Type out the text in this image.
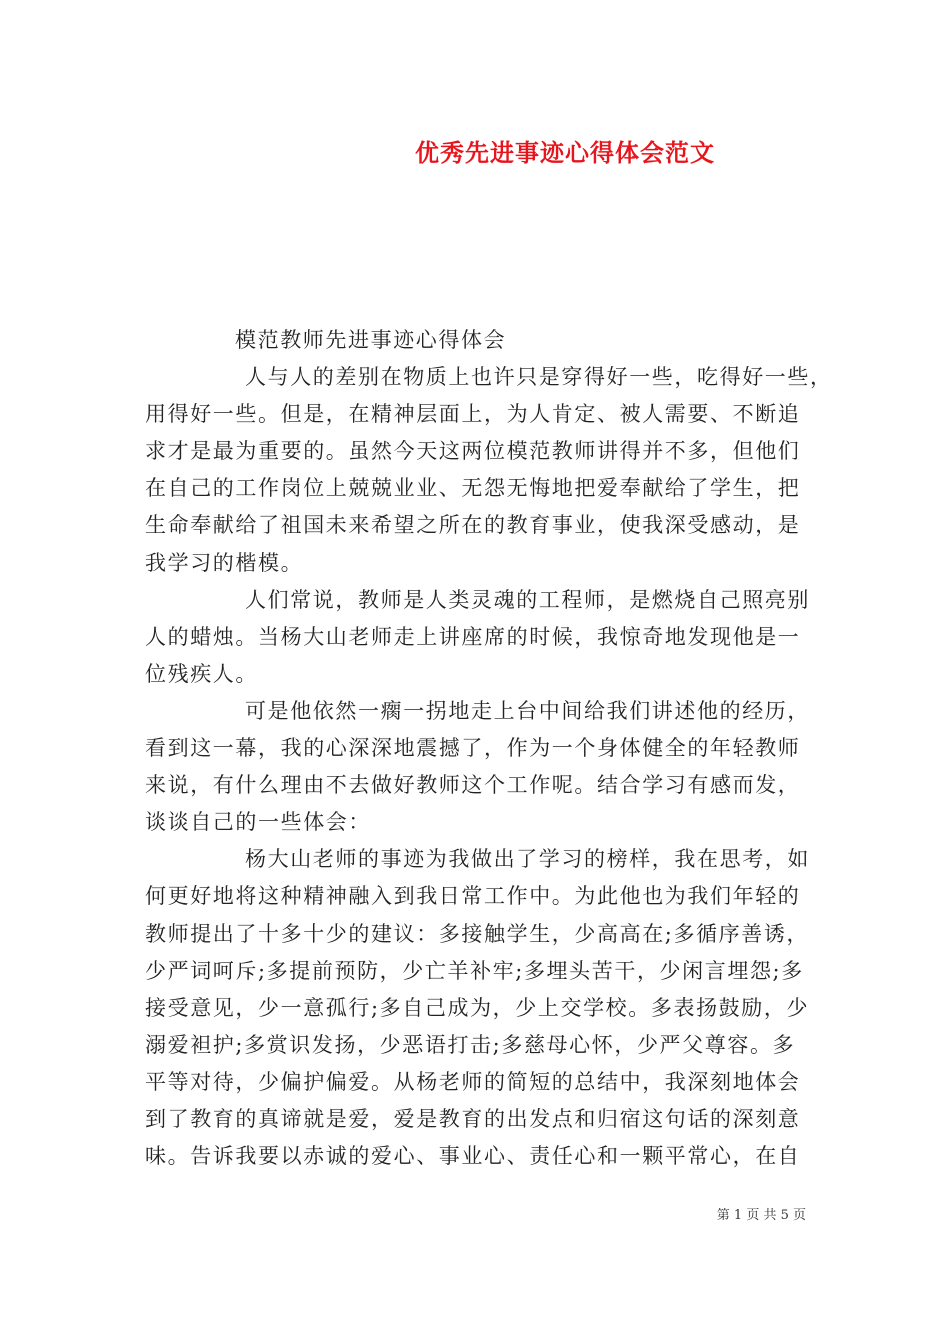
优秀先进事迹心得体会范文
模范教师先进事迹心得体会
人与人的差别在物质上也许只是穿得好一些，吃得好一些，
用得好一些。但是，在精神层面上，为人肯定、被人需要、不断追
求才是最为重要的。虽然今天这两位模范教师讲得并不多，但他们
在自己的工作岗位上兢兢业业、无怨无悔地把爱奉献给了学生，把
生命奉献给了祖国未来希望之所在的教育事业，使我深受感动，是
我学习的楷模。
人们常说，教师是人类灵魂的工程师，是燃烧自己照亮别
人的蜡烛。当杨大山老师走上讲座席的时候，我惊奇地发现他是一
位残疾人。
可是他依然一瘸一拐地走上台中间给我们讲述他的经历，
看到这一幕，我的心深深地震撼了，作为一个身体健全的年轻教师
来说，有什么理由不去做好教师这个工作呢。结合学习有感而发，
谈谈自己的一些体会：
杨大山老师的事迹为我做出了学习的榜样，我在思考，如
何更好地将这种精神融入到我日常工作中。为此他也为我们年轻的
教师提出了十多十少的建议：多接触学生，少高高在;多循序善诱，
少严词呵斥;多提前预防，少亡羊补牢;多埋头苦干，少闲言埋怨;多
接受意见，少一意孤行;多自己成为，少上交学校。多表扬鼓励，少
溺爱袒护;多赏识发扬，少恶语打击;多慈母心怀，少严父尊容。多
平等对待，少偏护偏爱。从杨老师的简短的总结中，我深刻地体会
到了教育的真谛就是爱，爱是教育的出发点和归宿这句话的深刻意
味。告诉我要以赤诚的爱心、事业心、责任心和一颗平常心，在自
第 1 页 共 5 页
